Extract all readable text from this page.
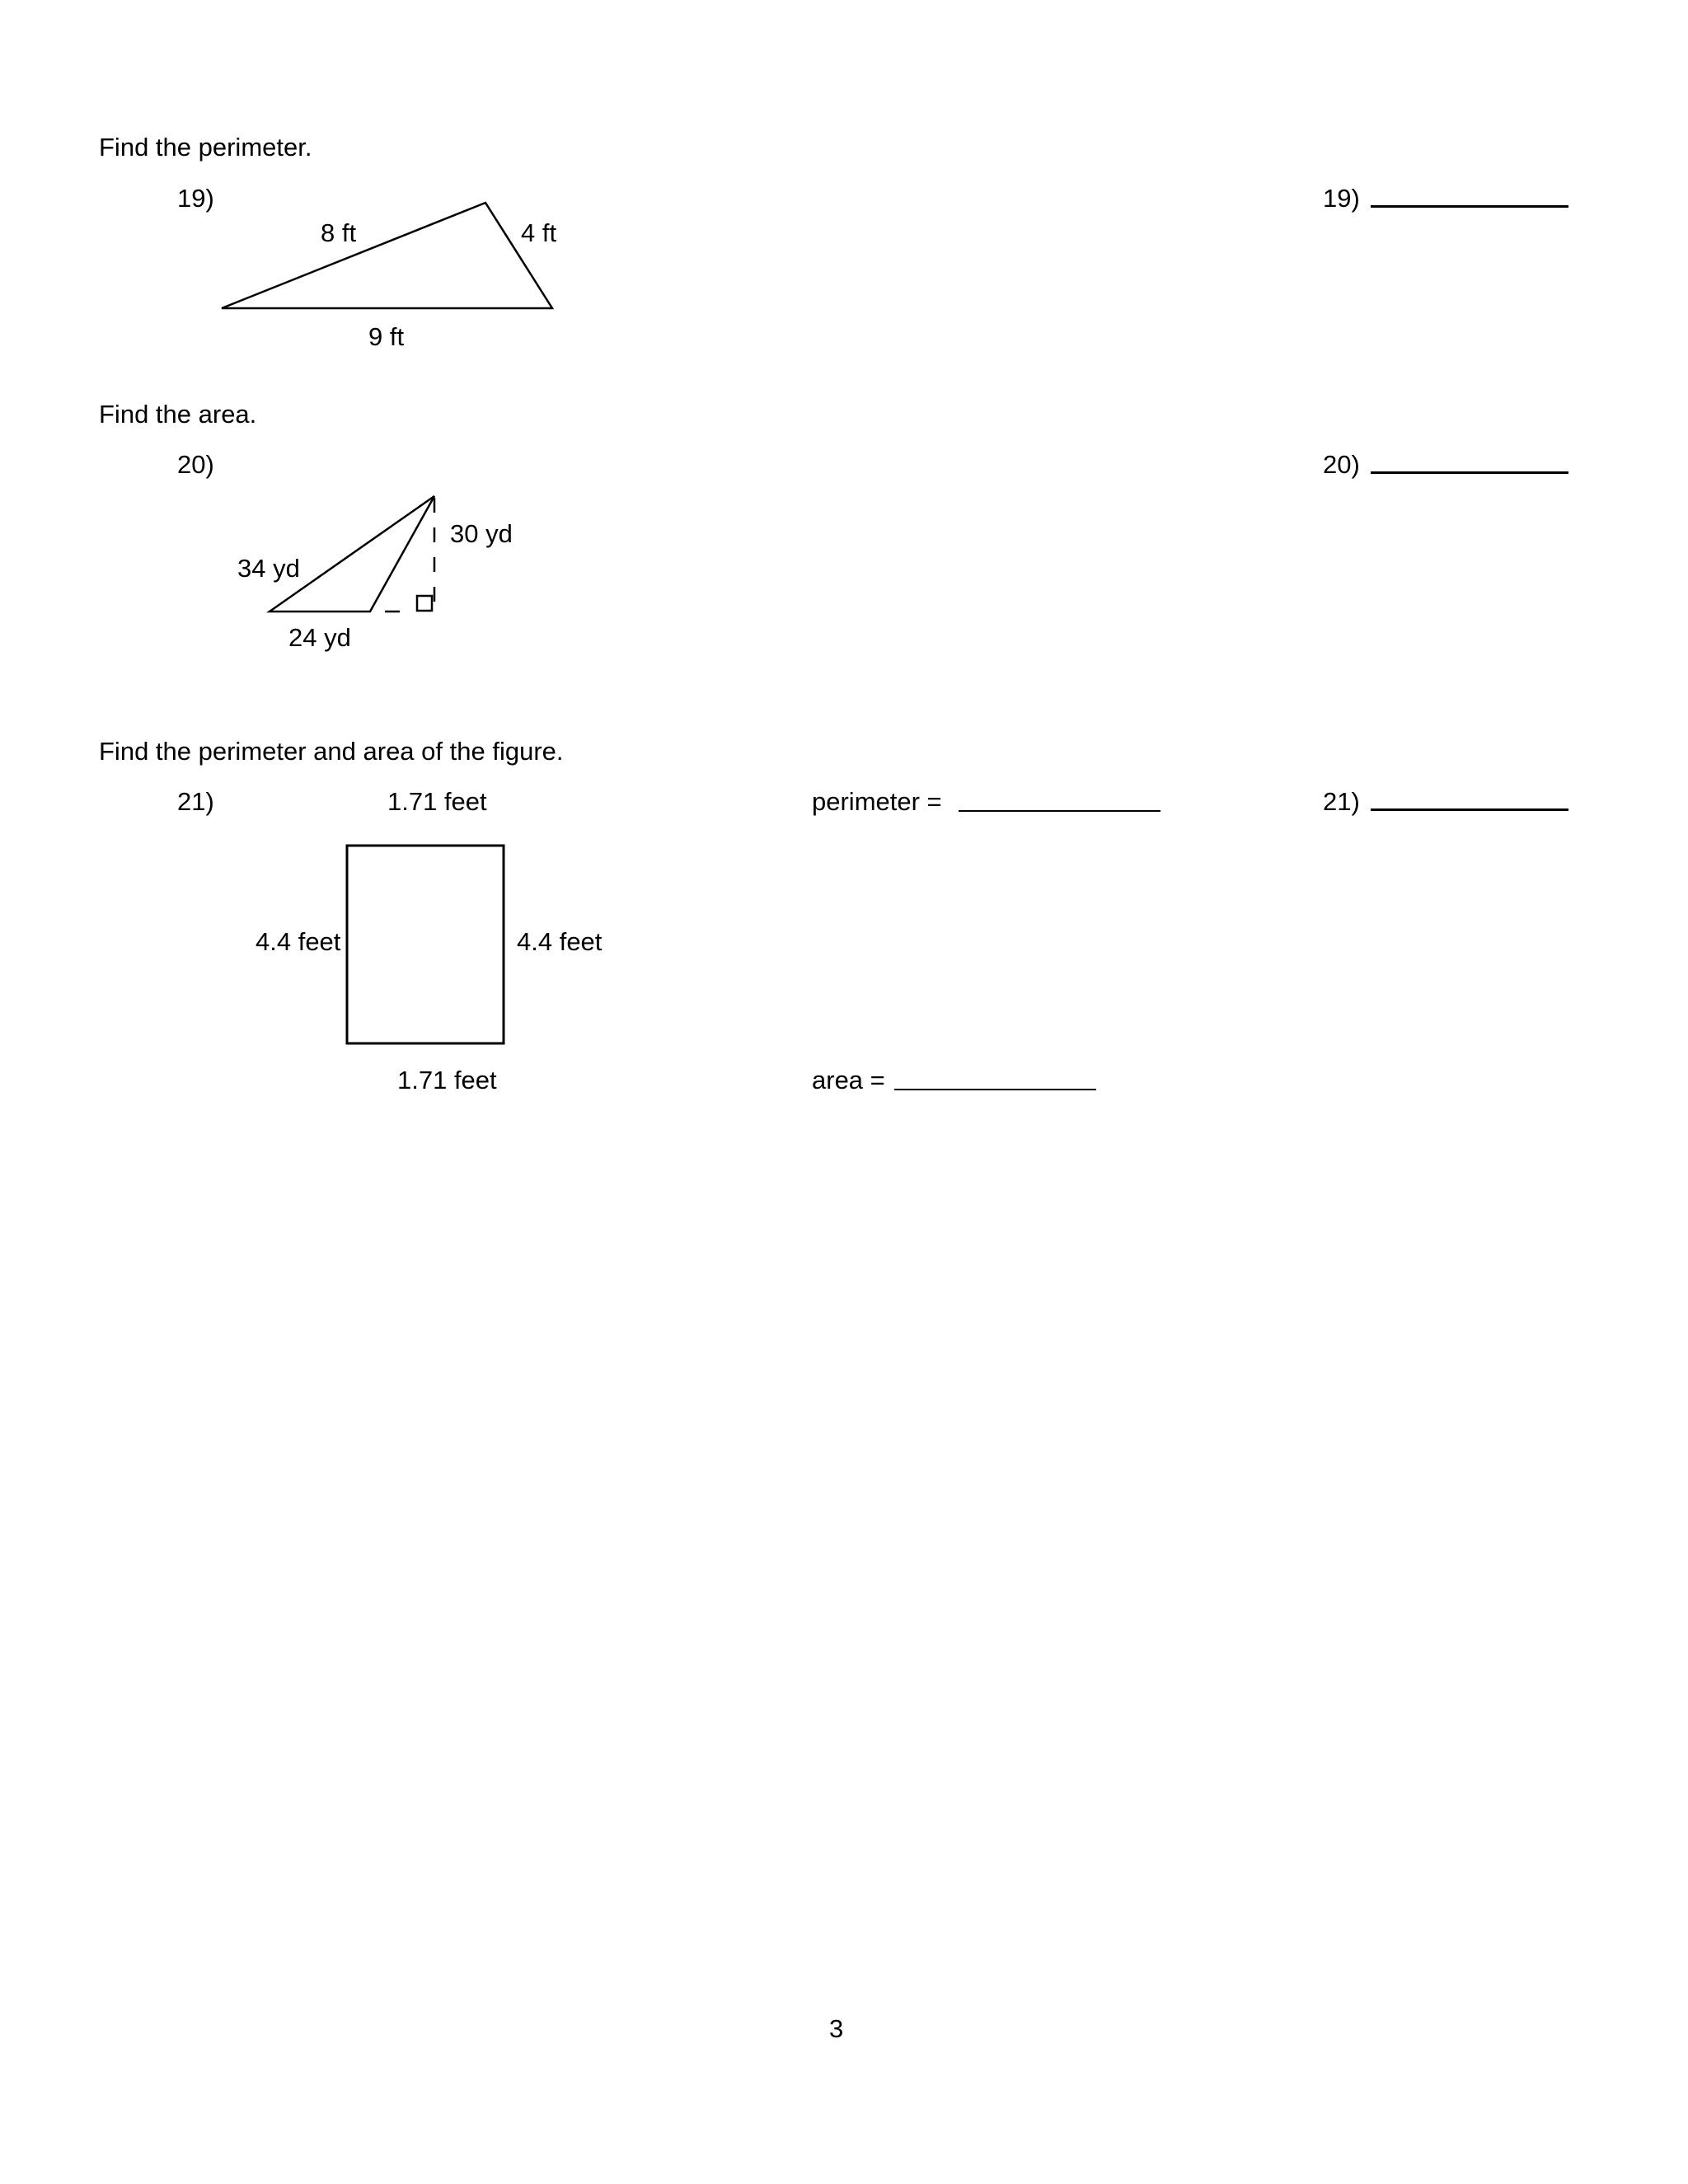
Find the perimeter.
19)	19)
8 ft	4 ft
9 ft
Find the area.
20)	20)
34 yd
30 yd
24 yd
Find the perimeter and area of the figure.
21)	21)
1.71 feet
4.4 feet	4.4 feet
1.71 feet
perimeter =
area =
3
